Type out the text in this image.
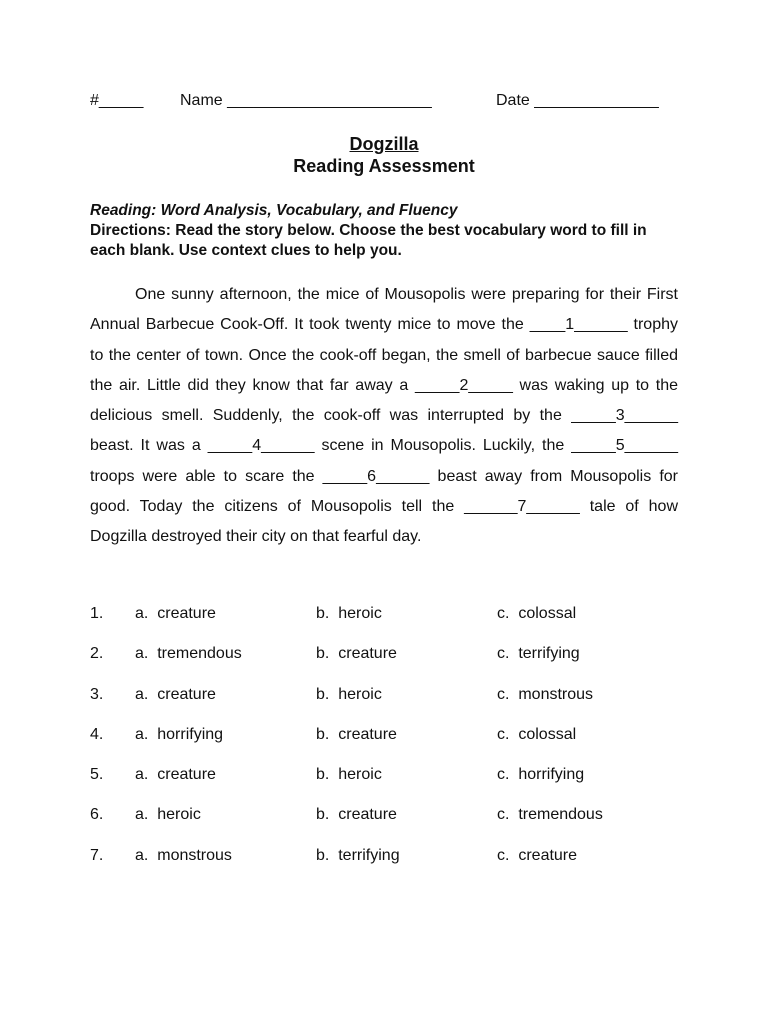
#_____

Name _______________________

	Date ______________

Dogzilla
Reading Assessment
Reading: Word Analysis, Vocabulary, and Fluency
Directions: Read the story below. Choose the best vocabulary word to fill in each blank. Use context clues to help you.

One sunny afternoon, the mice of Mousopolis were preparing for their First Annual Barbecue Cook-Off. It took twenty mice to move the ____1______ trophy to the center of town. Once the cook-off began, the smell of barbecue sauce filled the air. Little did they know that far away a _____2_____ was waking up to the delicious smell. Suddenly, the cook-off was interrupted by the _____3______ beast. It was a _____4______ scene in Mousopolis. Luckily, the _____5______ troops were able to scare the _____6______ beast away from Mousopolis for good. Today the citizens of Mousopolis tell the ______7______ tale of how Dogzilla destroyed their city on that fearful day.

1. a.  creature	b.  heroic	c.  colossal
2. a.  tremendous	b.  creature	c.  terrifying
3. a.  creature	b.  heroic	c.  monstrous
4. a.  horrifying	b.  creature	c.  colossal
5. a.  creature	b.  heroic	c.  horrifying
6. a.  heroic	b.  creature	c.  tremendous
7. a.  monstrous	b.  terrifying	c.  creature
